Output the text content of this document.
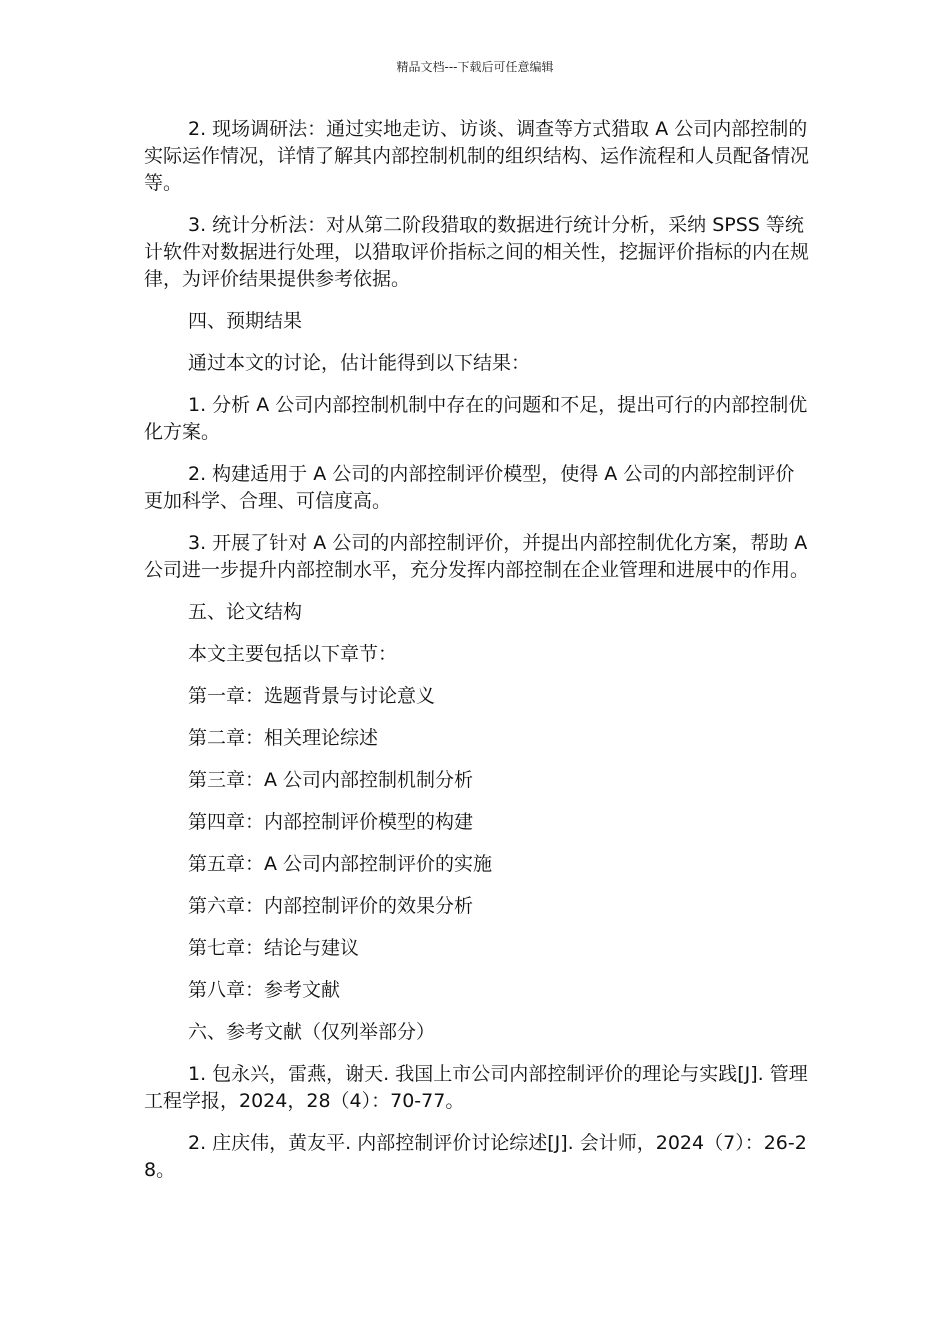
精品文档---下载后可任意编辑

2. 现场调研法：通过实地走访、访谈、调查等方式猎取 A 公司内部控制的实际运作情况，详情了解其内部控制机制的组织结构、运作流程和人员配备情况等。

3. 统计分析法：对从第二阶段猎取的数据进行统计分析，采纳 SPSS 等统计软件对数据进行处理，以猎取评价指标之间的相关性，挖掘评价指标的内在规律，为评价结果提供参考依据。

四、预期结果

通过本文的讨论，估计能得到以下结果：

1. 分析 A 公司内部控制机制中存在的问题和不足，提出可行的内部控制优化方案。

2. 构建适用于 A 公司的内部控制评价模型，使得 A 公司的内部控制评价更加科学、合理、可信度高。

3. 开展了针对 A 公司的内部控制评价，并提出内部控制优化方案，帮助 A 公司进一步提升内部控制水平，充分发挥内部控制在企业管理和进展中的作用。

五、论文结构

本文主要包括以下章节：

第一章：选题背景与讨论意义

第二章：相关理论综述

第三章：A 公司内部控制机制分析

第四章：内部控制评价模型的构建

第五章：A 公司内部控制评价的实施

第六章：内部控制评价的效果分析

第七章：结论与建议

第八章：参考文献

六、参考文献（仅列举部分）

1. 包永兴，雷燕，谢天. 我国上市公司内部控制评价的理论与实践[J]. 管理工程学报，2024，28（4）：70-77。

2. 庄庆伟，黄友平. 内部控制评价讨论综述[J]. 会计师，2024（7）：26-28。
